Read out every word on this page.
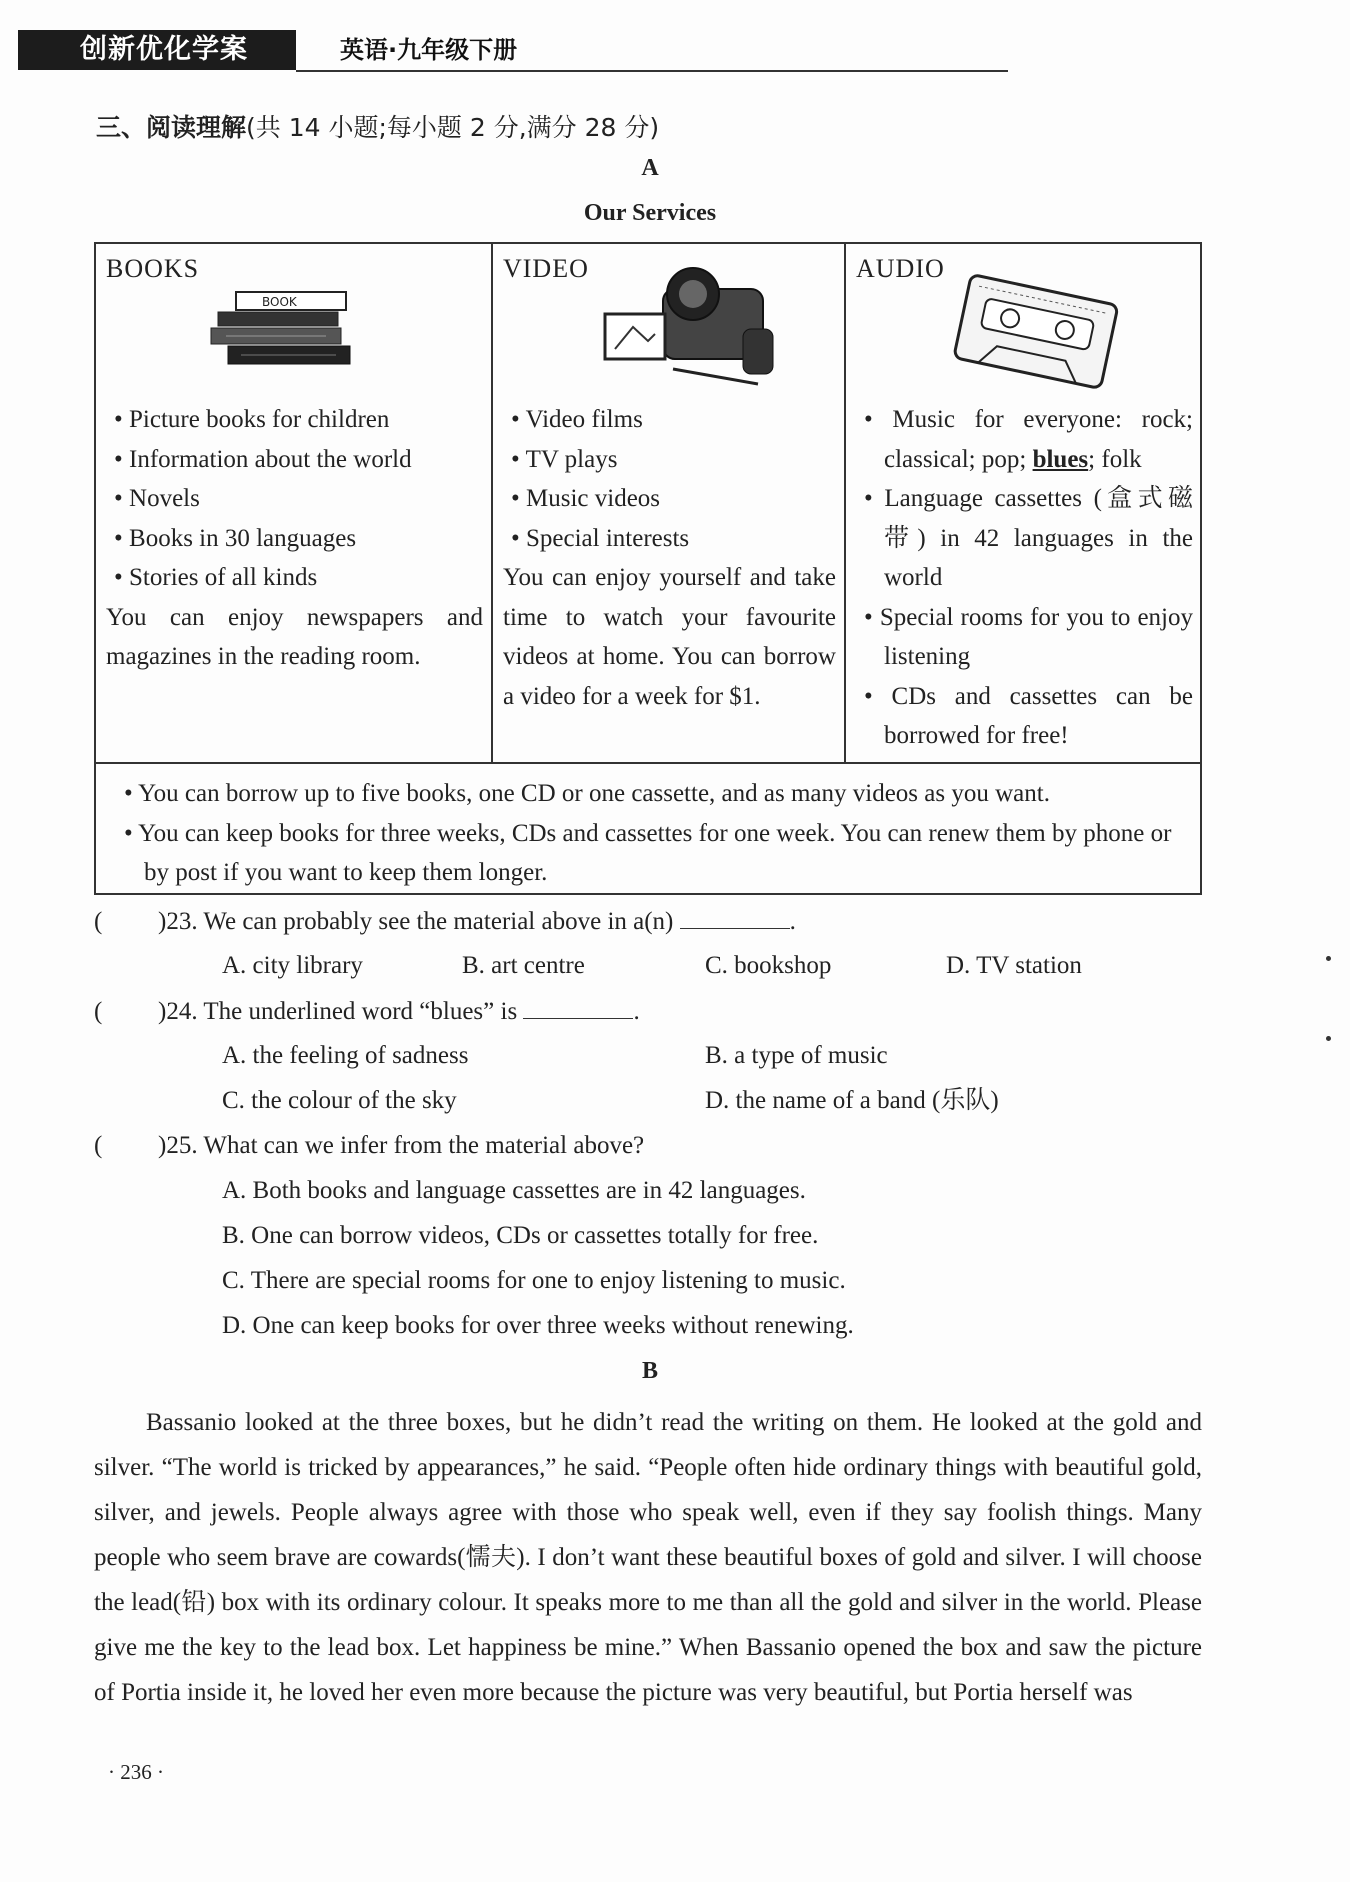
创新优化学案	英语·九年级下册
三、阅读理解(共 14 小题;每小题 2 分,满分 28 分)
A
Our Services
BOOKS
BOOK
• Picture books for children
• Information about the world
• Novels
• Books in 30 languages
• Stories of all kinds
You can enjoy newspapers and magazines in the reading room.
VIDEO
• Video films
• TV plays
• Music videos
• Special interests
You can enjoy yourself and take time to watch your favourite videos at home. You can borrow a video for a week for $1.
AUDIO
• Music for everyone: rock; classical; pop; blues; folk
• Language cassettes (盒式磁带) in 42 languages in the world
• Special rooms for you to enjoy listening
• CDs and cassettes can be borrowed for free!
• You can borrow up to five books, one CD or one cassette, and as many videos as you want.
• You can keep books for three weeks, CDs and cassettes for one week. You can renew them by phone or by post if you want to keep them longer.
( )23. We can probably see the material above in a(n)	.
A. city library	B. art centre	C. bookshop	D. TV station
( )24. The underlined word “blues” is	.
A. the feeling of sadness	B. a type of music
C. the colour of the sky	D. the name of a band (乐队)
( )25. What can we infer from the material above?
A. Both books and language cassettes are in 42 languages.
B. One can borrow videos, CDs or cassettes totally for free.
C. There are special rooms for one to enjoy listening to music.
D. One can keep books for over three weeks without renewing.
B

Bassanio looked at the three boxes, but he didn’t read the writing on them. He looked at the gold and silver. “The world is tricked by appearances,” he said. “People often hide ordinary things with beautiful gold, silver, and jewels. People always agree with those who speak well, even if they say foolish things. Many people who seem brave are cowards(懦夫). I don’t want these beautiful boxes of gold and silver. I will choose the lead(铅) box with its ordinary colour. It speaks more to me than all the gold and silver in the world. Please give me the key to the lead box. Let happiness be mine.” When Bassanio opened the box and saw the picture of Portia inside it, he loved her even more because the picture was very beautiful, but Portia herself was

· 236 ·
